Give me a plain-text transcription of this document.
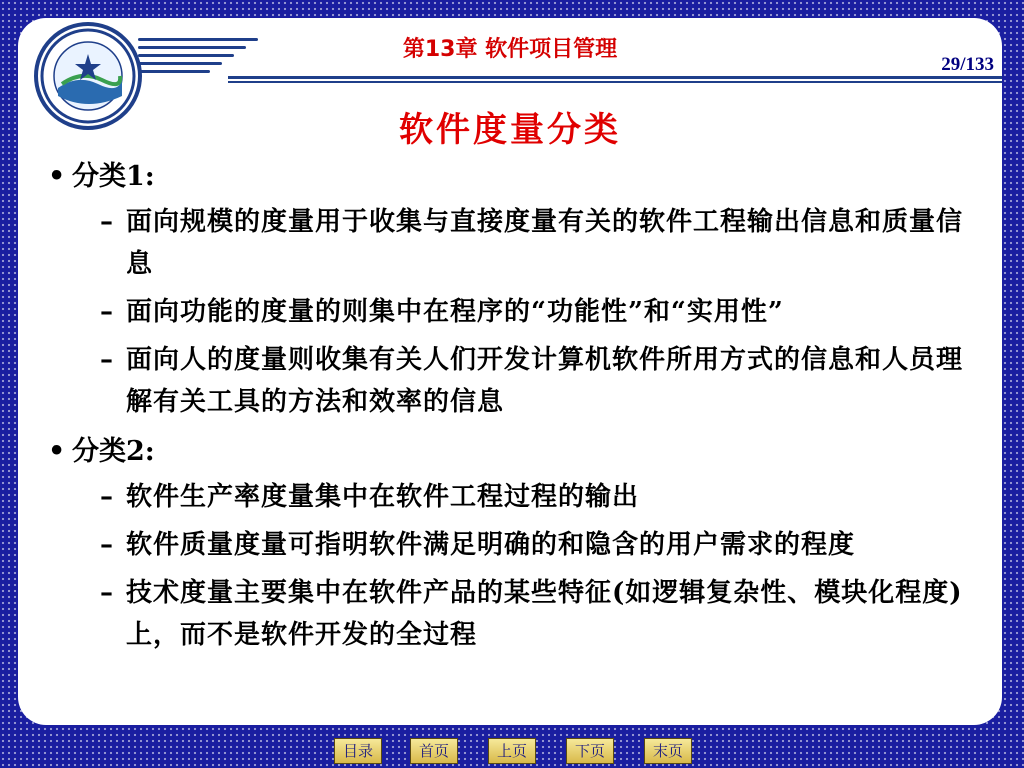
第13章 软件项目管理
29/133
软件度量分类
• 分类1:
– 面向规模的度量用于收集与直接度量有关的软件工程输出信息和质量信息
– 面向功能的度量的则集中在程序的“功能性”和“实用性”
– 面向人的度量则收集有关人们开发计算机软件所用方式的信息和人员理解有关工具的方法和效率的信息
• 分类2:
– 软件生产率度量集中在软件工程过程的输出
– 软件质量度量可指明软件满足明确的和隐含的用户需求的程度
– 技术度量主要集中在软件产品的某些特征(如逻辑复杂性、模块化程度)上，而不是软件开发的全过程
目录	首页	上页	下页	末页
